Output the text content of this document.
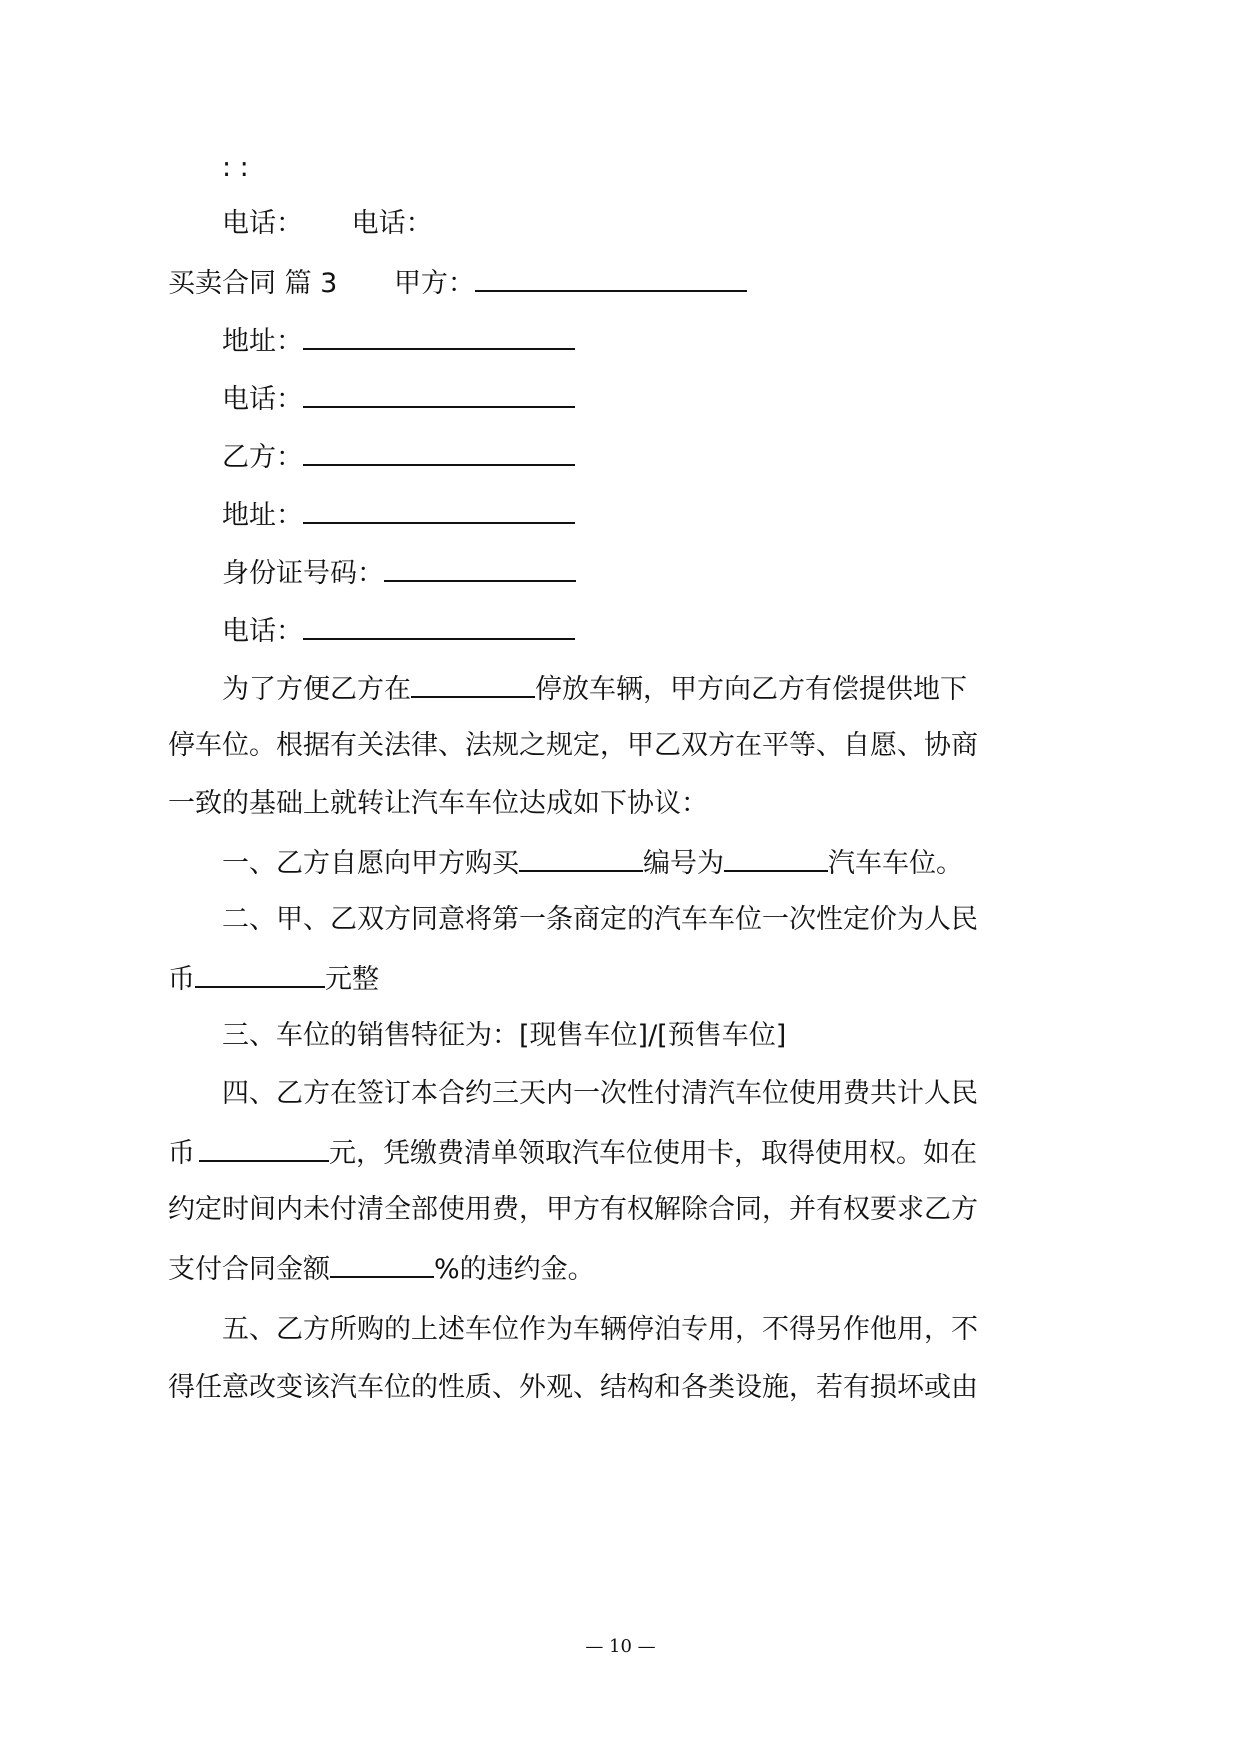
: :
电话： 电话：
买卖合同 篇 3 甲方：
地址：
电话：
乙方：
地址：
身份证号码：
电话：
为了方便乙方在	停放车辆，甲方向乙方有偿提供地下
停车位。根据有关法律、法规之规定，甲乙双方在平等、自愿、协商
一致的基础上就转让汽车车位达成如下协议：
一、乙方自愿向甲方购买	编号为	汽车车位。
二、甲、乙双方同意将第一条商定的汽车车位一次性定价为人民
币	元整
三、车位的销售特征为：[现售车位]/[预售车位]
四、乙方在签订本合约三天内一次性付清汽车位使用费共计人民
币	元，凭缴费清单领取汽车位使用卡，取得使用权。如在
约定时间内未付清全部使用费，甲方有权解除合同，并有权要求乙方
支付合同金额	%的违约金。
五、乙方所购的上述车位作为车辆停泊专用，不得另作他用，不
得任意改变该汽车位的性质、外观、结构和各类设施，若有损坏或由
— 10 —
